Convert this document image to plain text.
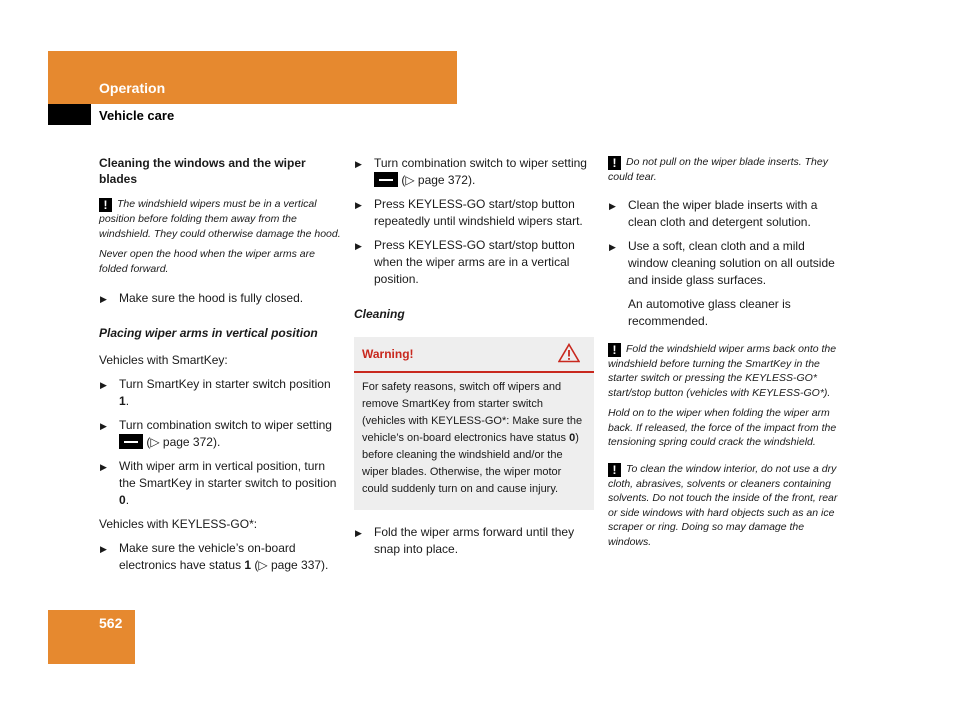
Operation
Vehicle care
Cleaning the windows and the wiper blades
! The windshield wipers must be in a vertical position before folding them away from the windshield. They could otherwise damage the hood.
Never open the hood when the wiper arms are folded forward.
▶ Make sure the hood is fully closed.
Placing wiper arms in vertical position
Vehicles with SmartKey:
▶ Turn SmartKey in starter switch position 1.
▶ Turn combination switch to wiper setting  (▷ page 372).
▶ With wiper arm in vertical position, turn the SmartKey in starter switch to position 0.
Vehicles with KEYLESS-GO*:
▶ Make sure the vehicle’s on-board electronics have status 1 (▷ page 337).
▶ Turn combination switch to wiper setting  (▷ page 372).
▶ Press KEYLESS-GO start/stop button repeatedly until windshield wipers start.
▶ Press KEYLESS-GO start/stop button when the wiper arms are in a vertical position.
Cleaning
Warning!
For safety reasons, switch off wipers and remove SmartKey from starter switch (vehicles with KEYLESS-GO*: Make sure the vehicle’s on-board electronics have status 0) before cleaning the windshield and/or the wiper blades. Otherwise, the wiper motor could suddenly turn on and cause injury.
▶ Fold the wiper arms forward until they snap into place.
! Do not pull on the wiper blade inserts. They could tear.
▶ Clean the wiper blade inserts with a clean cloth and detergent solution.
▶ Use a soft, clean cloth and a mild window cleaning solution on all outside and inside glass surfaces.
An automotive glass cleaner is recommended.
! Fold the windshield wiper arms back onto the windshield before turning the SmartKey in the starter switch or pressing the KEYLESS-GO* start/stop button (vehicles with KEYLESS-GO*).
Hold on to the wiper when folding the wiper arm back. If released, the force of the impact from the tensioning spring could crack the windshield.
! To clean the window interior, do not use a dry cloth, abrasives, solvents or cleaners containing solvents. Do not touch the inside of the front, rear or side windows with hard objects such as an ice scraper or ring. Doing so may damage the windows.
562
